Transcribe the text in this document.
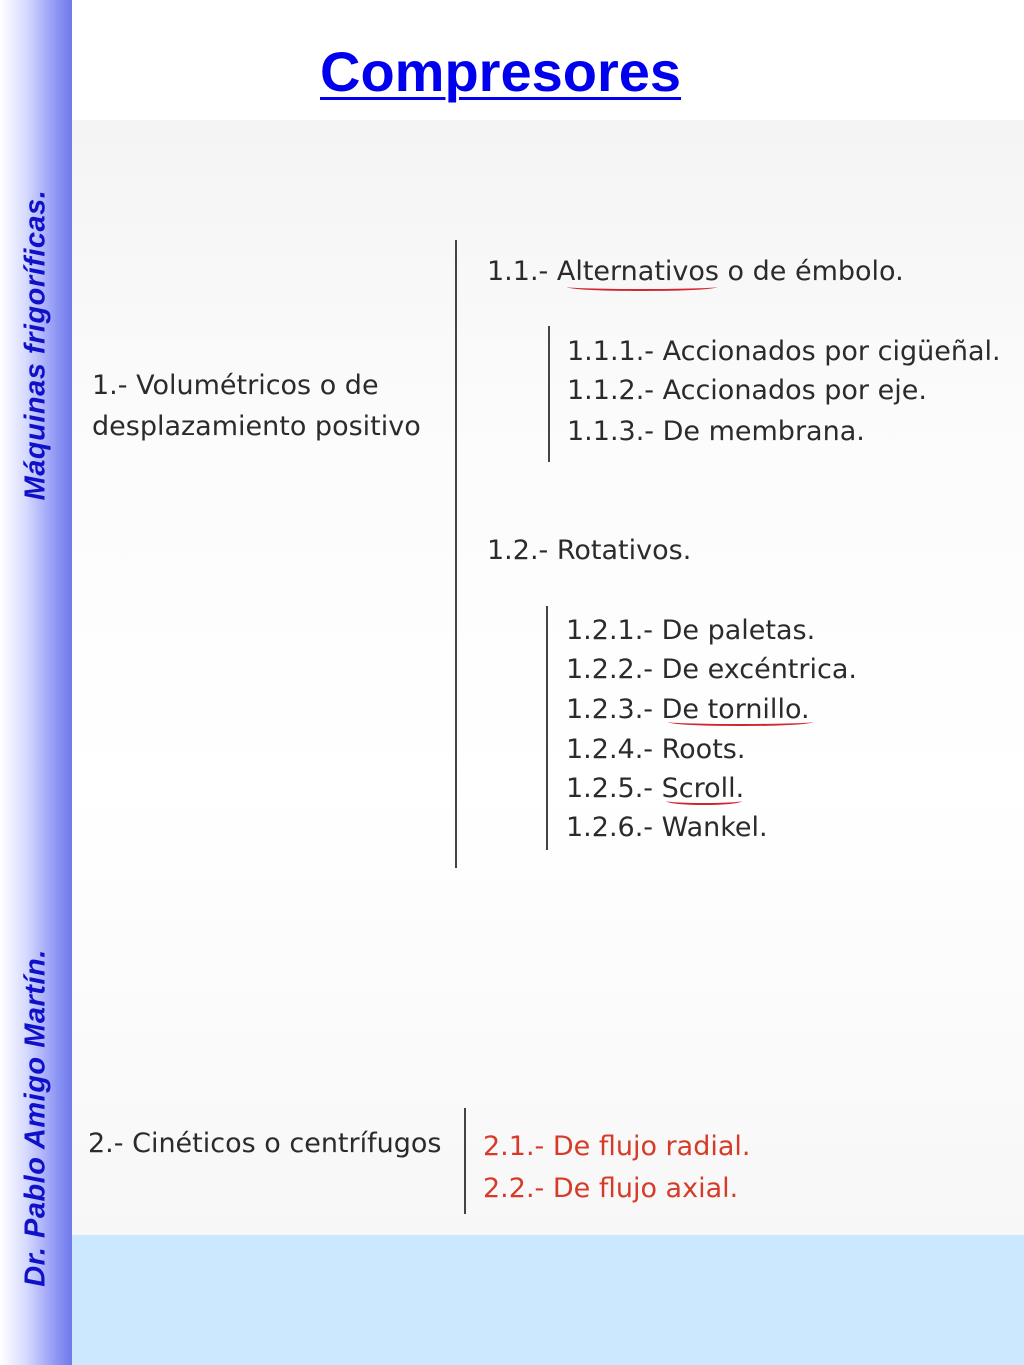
Máquinas frigoríficas.
Dr. Pablo Amigo Martín.
Compresores
1.- Volumétricos o de
desplazamiento positivo
1.1.- Alternativos o de émbolo.
1.1.1.- Accionados por cigüeñal.
1.1.2.- Accionados por eje.
1.1.3.- De membrana.
1.2.- Rotativos.
1.2.1.- De paletas.
1.2.2.- De excéntrica.
1.2.3.- De tornillo.
1.2.4.- Roots.
1.2.5.- Scroll.
1.2.6.- Wankel.
2.- Cinéticos o centrífugos 2.1.- De flujo radial.
2.2.- De flujo axial.
